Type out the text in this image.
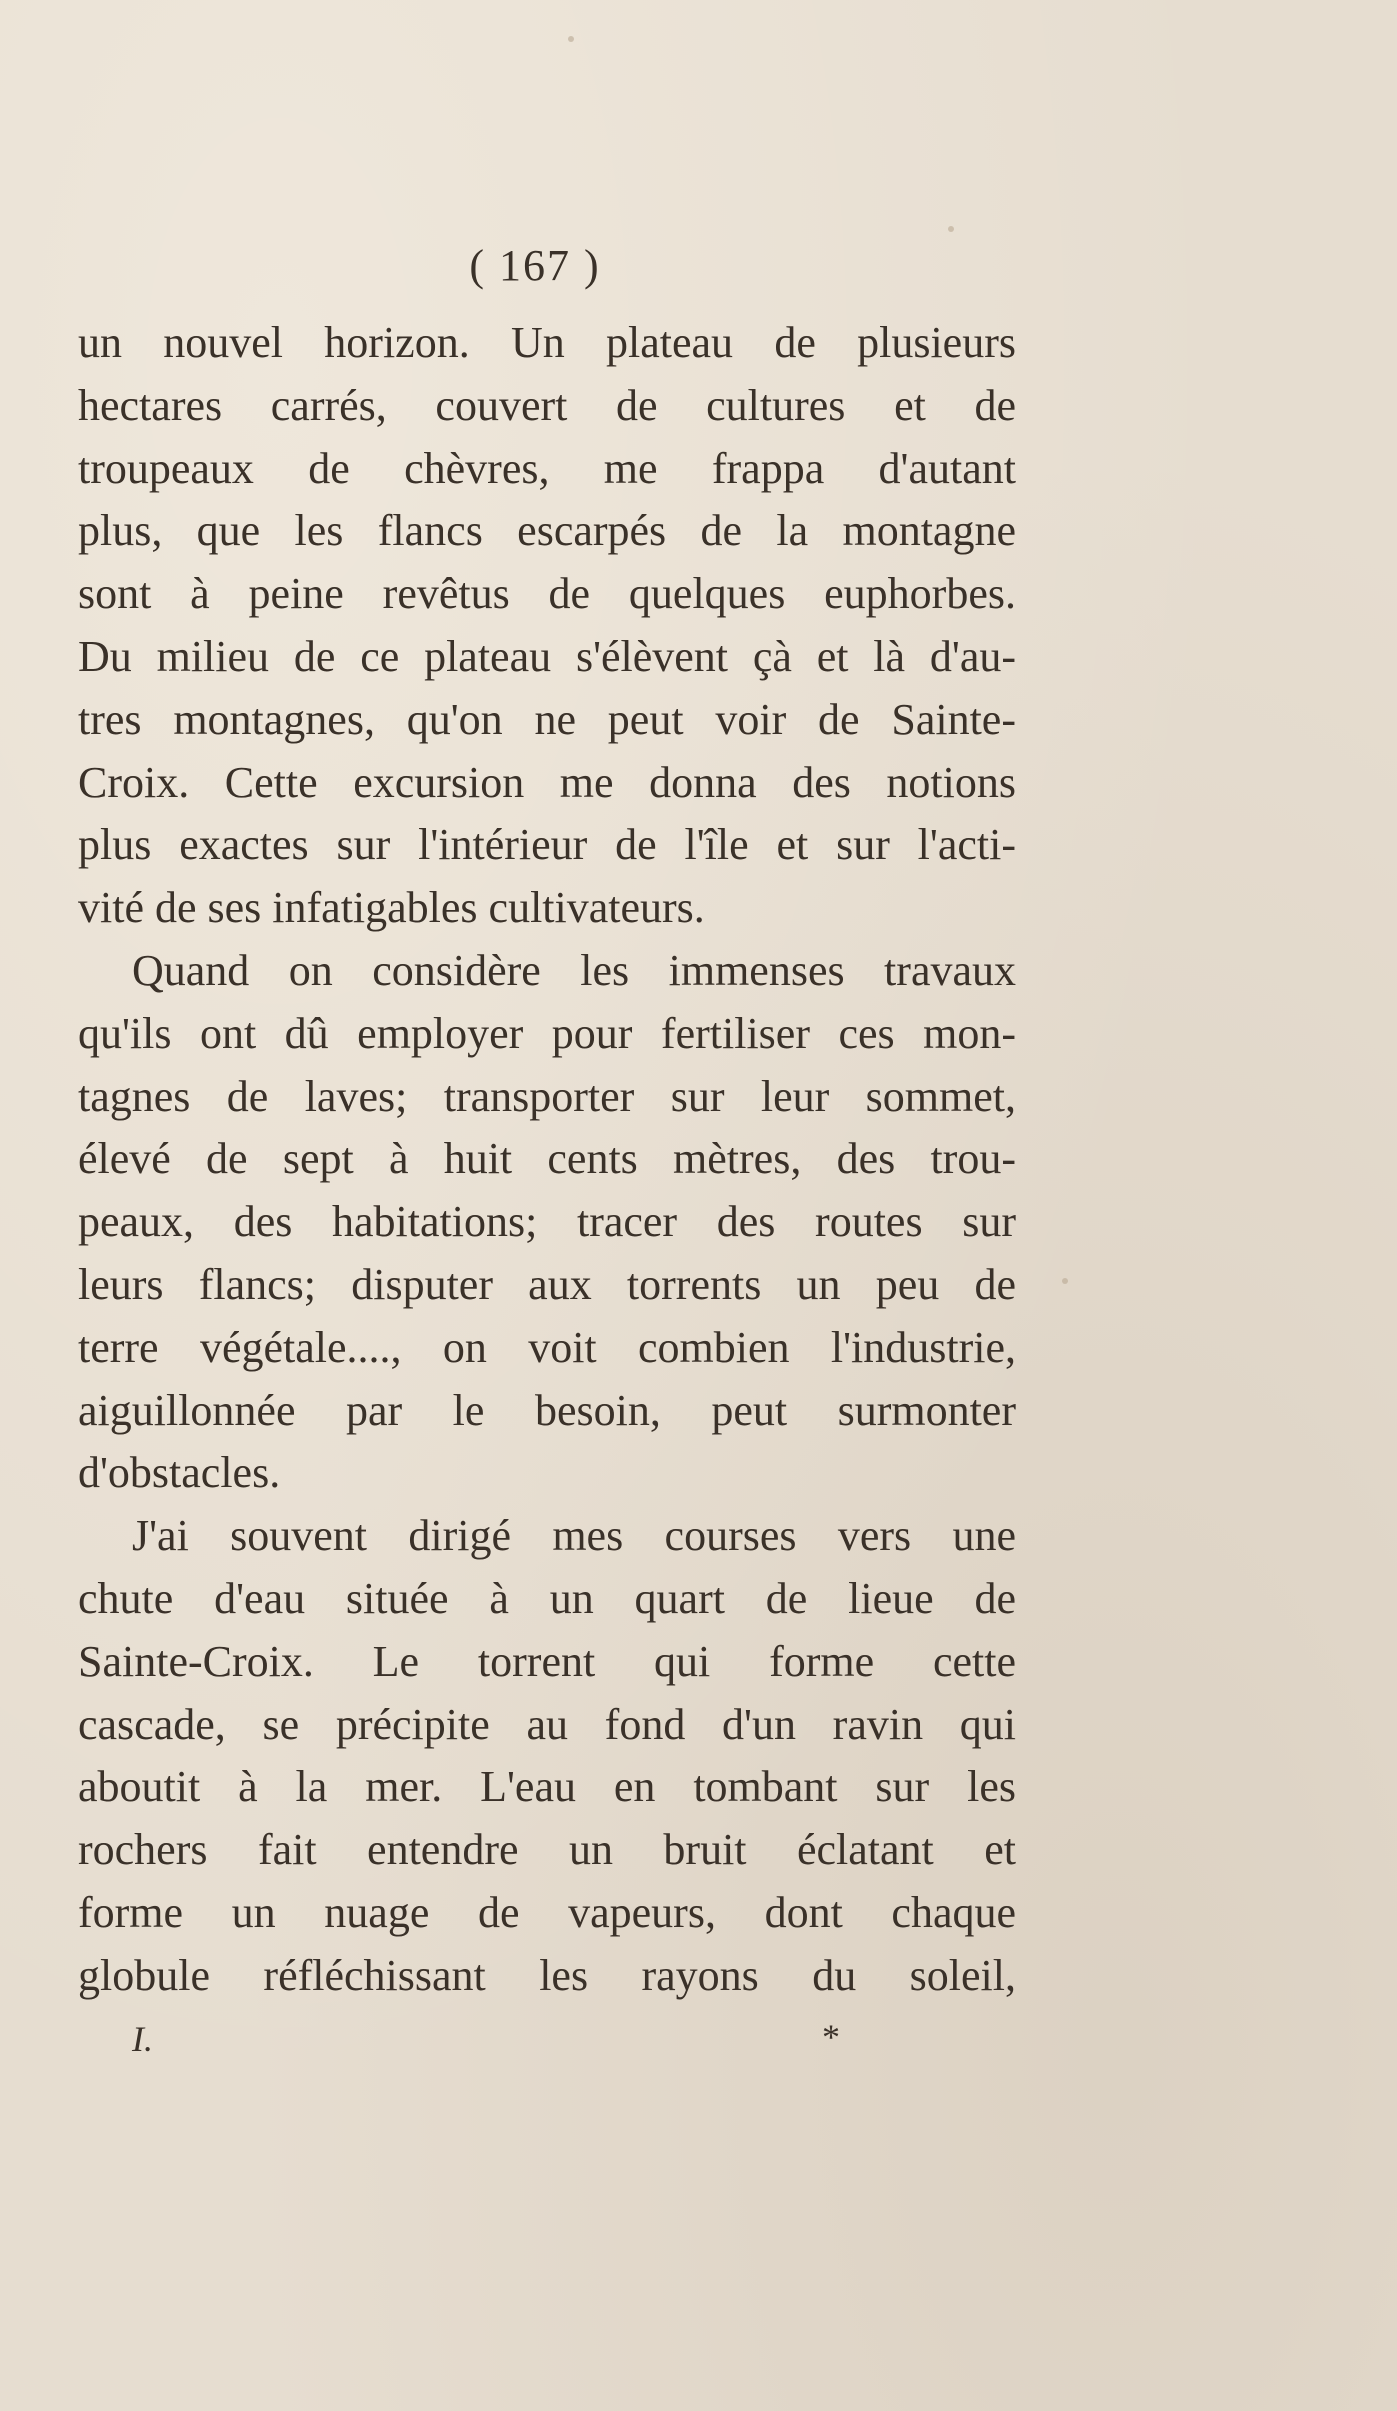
( 167 )
un nouvel horizon. Un plateau de plusieurs
hectares carrés, couvert de cultures et de
troupeaux de chèvres, me frappa d'autant
plus, que les flancs escarpés de la montagne
sont à peine revêtus de quelques euphorbes.
Du milieu de ce plateau s'élèvent çà et là d'au-
tres montagnes, qu'on ne peut voir de Sainte-
Croix. Cette excursion me donna des notions
plus exactes sur l'intérieur de l'île et sur l'acti-
vité de ses infatigables cultivateurs.
Quand on considère les immenses travaux
qu'ils ont dû employer pour fertiliser ces mon-
tagnes de laves; transporter sur leur sommet,
élevé de sept à huit cents mètres, des trou-
peaux, des habitations; tracer des routes sur
leurs flancs; disputer aux torrents un peu de
terre végétale...., on voit combien l'industrie,
aiguillonnée par le besoin, peut surmonter
d'obstacles.
J'ai souvent dirigé mes courses vers une
chute d'eau située à un quart de lieue de
Sainte-Croix. Le torrent qui forme cette
cascade, se précipite au fond d'un ravin qui
aboutit à la mer. L'eau en tombant sur les
rochers fait entendre un bruit éclatant et
forme un nuage de vapeurs, dont chaque
globule réfléchissant les rayons du soleil,
I.	*
